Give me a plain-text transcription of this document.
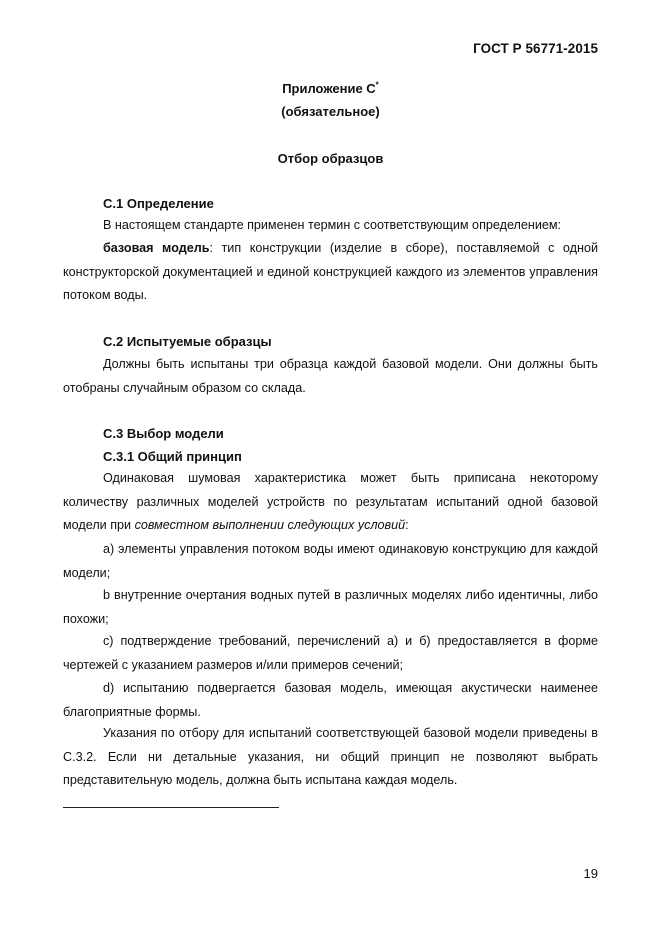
ГОСТ Р 56771-2015
Приложение С*
(обязательное)
Отбор образцов
С.1 Определение

В настоящем стандарте применен термин с соответствующим определением:

базовая модель: тип конструкции (изделие в сборе), поставляемой с одной конструкторской документацией и единой конструкцией каждого из элементов управления потоком воды.

С.2 Испытуемые образцы

Должны быть испытаны три образца каждой базовой модели. Они должны быть отобраны случайным образом со склада.

С.3 Выбор модели
С.3.1 Общий принцип

Одинаковая шумовая характеристика может быть приписана некоторому количеству различных моделей устройств по результатам испытаний одной базовой модели при совместном выполнении следующих условий:

а) элементы управления потоком воды имеют одинаковую конструкцию для каждой модели;

b внутренние очертания водных путей в различных моделях либо идентичны, либо похожи;

с) подтверждение требований, перечислений а) и б) предоставляется в форме чертежей с указанием размеров и/или примеров сечений;

d) испытанию подвергается базовая модель, имеющая акустически наименее благоприятные формы.

Указания по отбору для испытаний соответствующей базовой модели приведены в С.3.2. Если ни детальные указания, ни общий принцип не позволяют выбрать представительную модель, должна быть испытана каждая модель.

19
